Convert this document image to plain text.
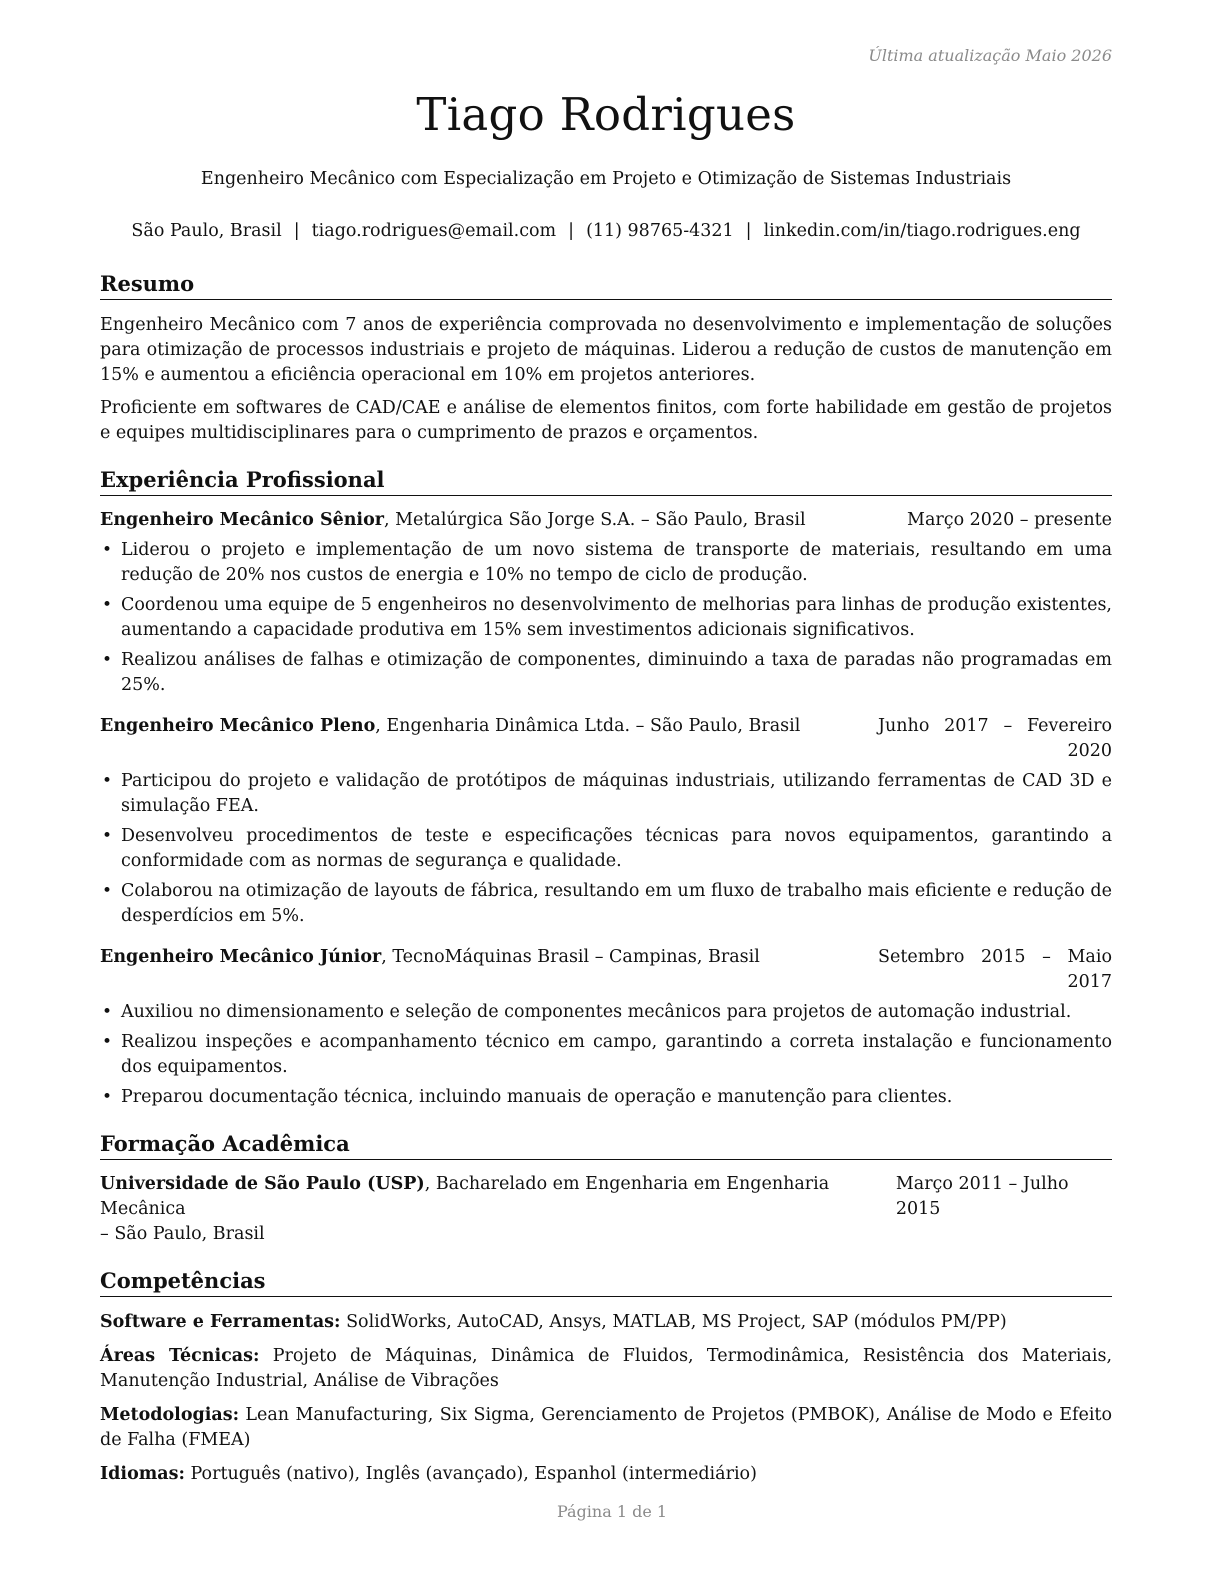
Última atualização Maio 2026
Tiago Rodrigues
Engenheiro Mecânico com Especialização em Projeto e Otimização de Sistemas Industriais
São Paulo, Brasil | tiago.rodrigues@email.com | (11) 98765-4321 | linkedin.com/in/tiago.rodrigues.eng
Resumo

Engenheiro Mecânico com 7 anos de experiência comprovada no desenvolvimento e implementação de soluções para otimização de processos industriais e projeto de máquinas. Liderou a redução de custos de manutenção em 15% e aumentou a eficiência operacional em 10% em projetos anteriores.

Proficiente em softwares de CAD/CAE e análise de elementos finitos, com forte habilidade em gestão de projetos e equipes multidisciplinares para o cumprimento de prazos e orçamentos.

Experiência Profissional
Engenheiro Mecânico Sênior, Metalúrgica São Jorge S.A. – São Paulo, Brasil	Março 2020 – presente
• Liderou o projeto e implementação de um novo sistema de transporte de materiais, resultando em uma redução de 20% nos custos de energia e 10% no tempo de ciclo de produção.
• Coordenou uma equipe de 5 engenheiros no desenvolvimento de melhorias para linhas de produção existentes, aumentando a capacidade produtiva em 15% sem investimentos adicionais significativos.
• Realizou análises de falhas e otimização de componentes, diminuindo a taxa de paradas não programadas em 25%.
Engenheiro Mecânico Pleno, Engenharia Dinâmica Ltda. – São Paulo, Brasil	Junho 2017 – Fevereiro 2020
• Participou do projeto e validação de protótipos de máquinas industriais, utilizando ferramentas de CAD 3D e simulação FEA.
• Desenvolveu procedimentos de teste e especificações técnicas para novos equipamentos, garantindo a conformidade com as normas de segurança e qualidade.
• Colaborou na otimização de layouts de fábrica, resultando em um fluxo de trabalho mais eficiente e redução de desperdícios em 5%.
Engenheiro Mecânico Júnior, TecnoMáquinas Brasil – Campinas, Brasil	Setembro 2015 – Maio 2017
• Auxiliou no dimensionamento e seleção de componentes mecânicos para projetos de automação industrial.
• Realizou inspeções e acompanhamento técnico em campo, garantindo a correta instalação e funcionamento dos equipamentos.
• Preparou documentação técnica, incluindo manuais de operação e manutenção para clientes.
Formação Acadêmica
Universidade de São Paulo (USP), Bacharelado em Engenharia em Engenharia Mecânica
– São Paulo, Brasil
Março 2011 – Julho 2015
Competências
Software e Ferramentas: SolidWorks, AutoCAD, Ansys, MATLAB, MS Project, SAP (módulos PM/PP)
Áreas Técnicas: Projeto de Máquinas, Dinâmica de Fluidos, Termodinâmica, Resistência dos Materiais, Manutenção Industrial, Análise de Vibrações
Metodologias: Lean Manufacturing, Six Sigma, Gerenciamento de Projetos (PMBOK), Análise de Modo e Efeito de Falha (FMEA)
Idiomas: Português (nativo), Inglês (avançado), Espanhol (intermediário)
Página 1 de 1
